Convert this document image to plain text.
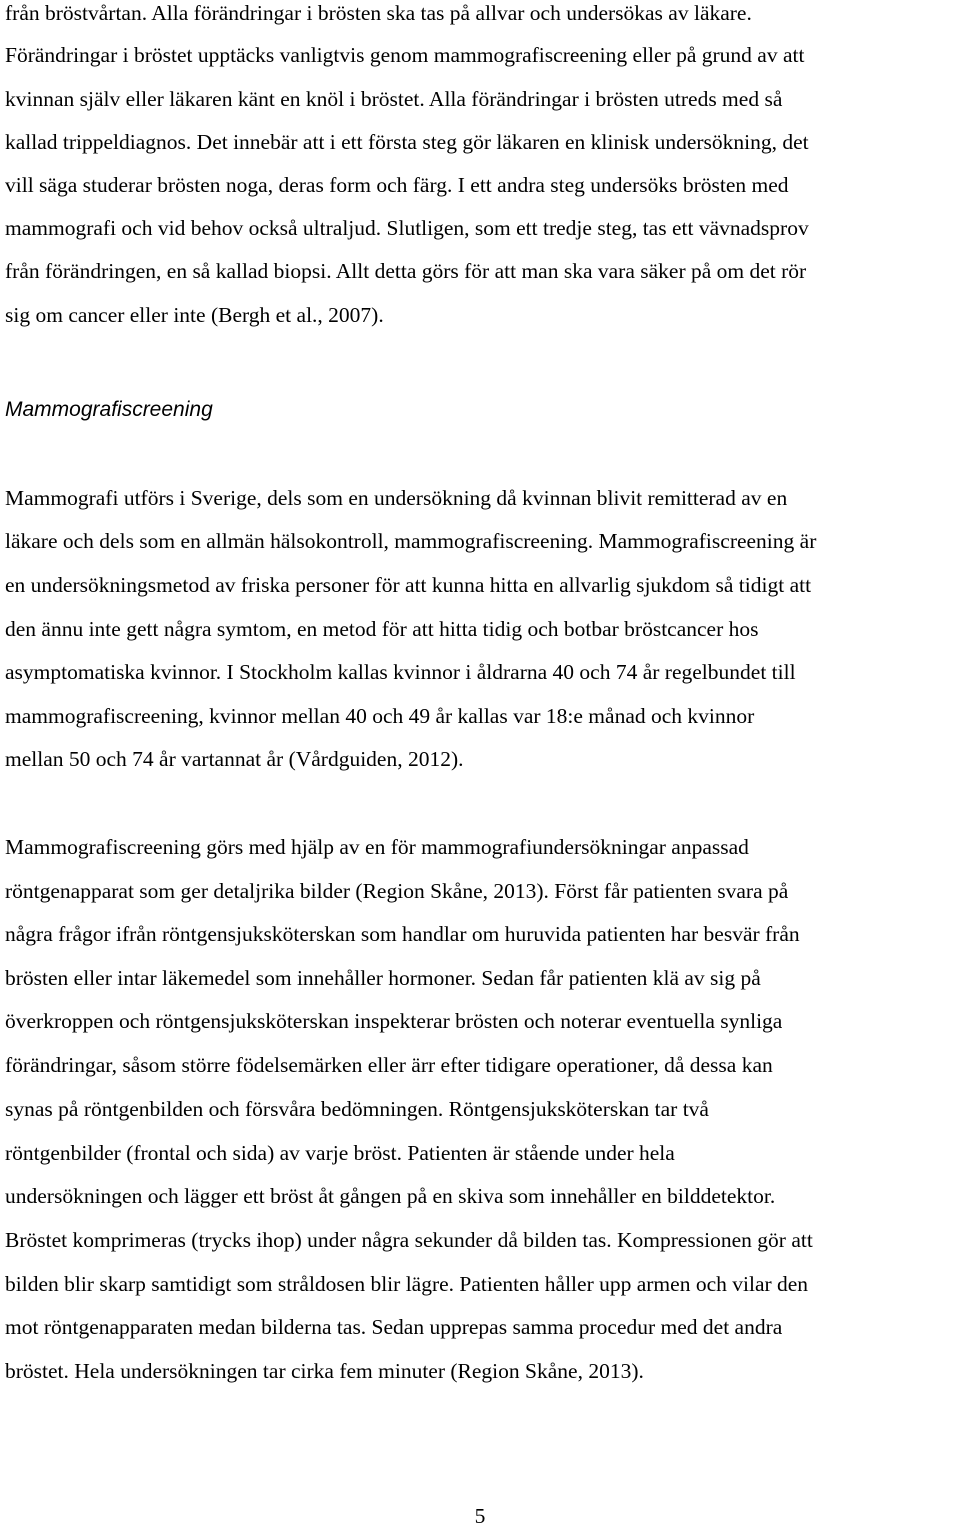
från bröstvårtan. Alla förändringar i brösten ska tas på allvar och undersökas av läkare.
Förändringar i bröstet upptäcks vanligtvis genom mammografiscreening eller på grund av att
kvinnan själv eller läkaren känt en knöl i bröstet. Alla förändringar i brösten utreds med så
kallad trippeldiagnos. Det innebär att i ett första steg gör läkaren en klinisk undersökning, det
vill säga studerar brösten noga, deras form och färg. I ett andra steg undersöks brösten med
mammografi och vid behov också ultraljud. Slutligen, som ett tredje steg, tas ett vävnadsprov
från förändringen, en så kallad biopsi. Allt detta görs för att man ska vara säker på om det rör
sig om cancer eller inte (Bergh et al., 2007).
Mammografiscreening
Mammografi utförs i Sverige, dels som en undersökning då kvinnan blivit remitterad av en
läkare och dels som en allmän hälsokontroll, mammografiscreening. Mammografiscreening är
en undersökningsmetod av friska personer för att kunna hitta en allvarlig sjukdom så tidigt att
den ännu inte gett några symtom, en metod för att hitta tidig och botbar bröstcancer hos
asymptomatiska kvinnor. I Stockholm kallas kvinnor i åldrarna 40 och 74 år regelbundet till
mammografiscreening, kvinnor mellan 40 och 49 år kallas var 18:e månad och kvinnor
mellan 50 och 74 år vartannat år (Vårdguiden, 2012).
Mammografiscreening görs med hjälp av en för mammografiundersökningar anpassad
röntgenapparat som ger detaljrika bilder (Region Skåne, 2013). Först får patienten svara på
några frågor ifrån röntgensjuksköterskan som handlar om huruvida patienten har besvär från
brösten eller intar läkemedel som innehåller hormoner. Sedan får patienten klä av sig på
överkroppen och röntgensjuksköterskan inspekterar brösten och noterar eventuella synliga
förändringar, såsom större födelsemärken eller ärr efter tidigare operationer, då dessa kan
synas på röntgenbilden och försvåra bedömningen. Röntgensjuksköterskan tar två
röntgenbilder (frontal och sida) av varje bröst. Patienten är stående under hela
undersökningen och lägger ett bröst åt gången på en skiva som innehåller en bilddetektor.
Bröstet komprimeras (trycks ihop) under några sekunder då bilden tas. Kompressionen gör att
bilden blir skarp samtidigt som stråldosen blir lägre. Patienten håller upp armen och vilar den
mot röntgenapparaten medan bilderna tas. Sedan upprepas samma procedur med det andra
bröstet. Hela undersökningen tar cirka fem minuter (Region Skåne, 2013).
5
